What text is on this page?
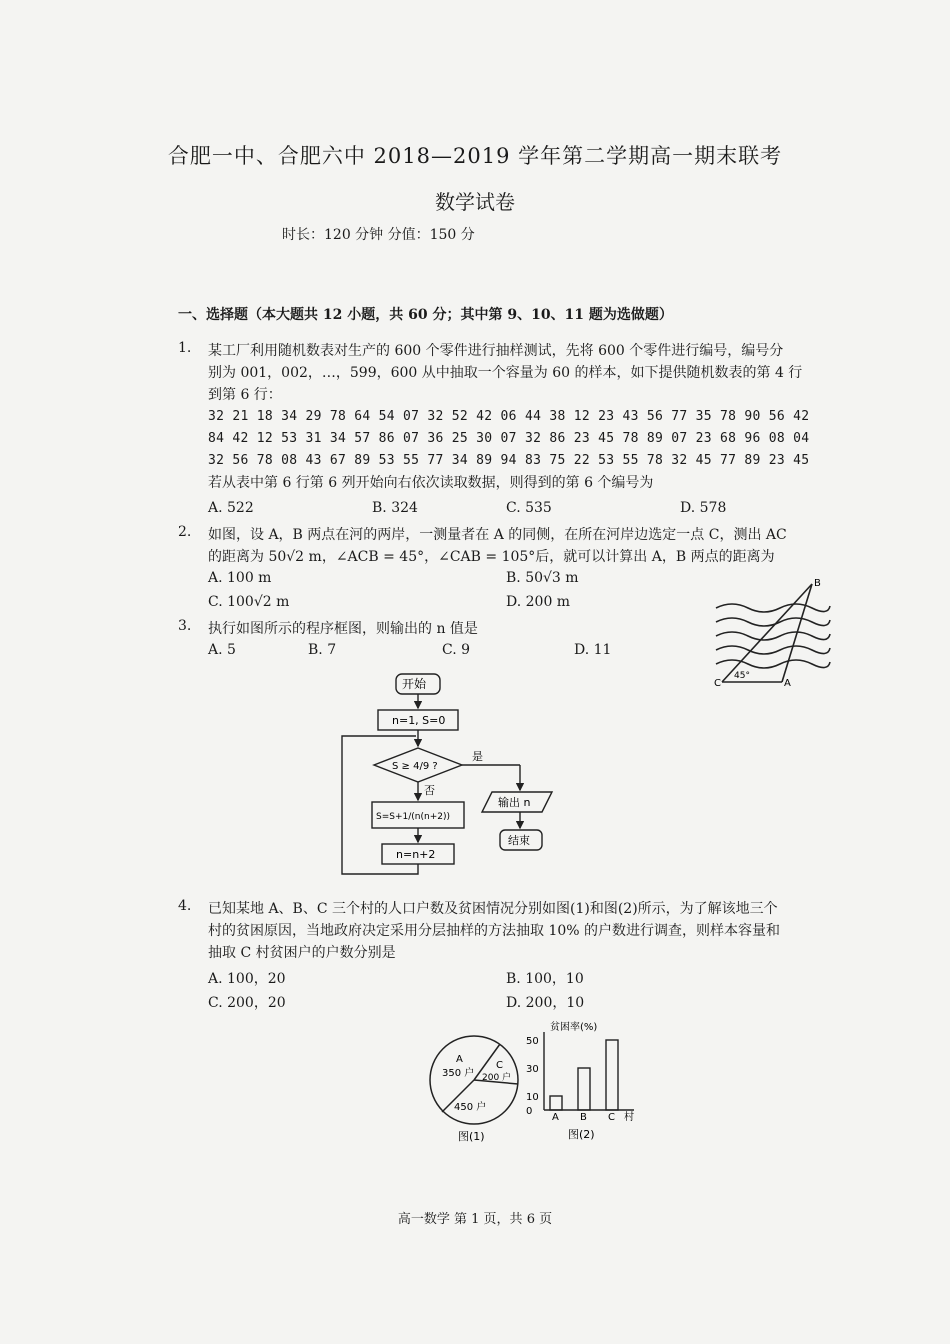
合肥一中、合肥六中 2018—2019 学年第二学期高一期末联考
数学试卷
时长：120 分钟 分值：150 分
一、选择题（本大题共 12 小题，共 60 分；其中第 9、10、11 题为选做题）
1. 某工厂利用随机数表对生产的 600 个零件进行抽样测试，先将 600 个零件进行编号，编号分
别为 001，002，…，599，600 从中抽取一个容量为 60 的样本，如下提供随机数表的第 4 行
到第 6 行：
32 21 18 34 29 78 64 54 07 32 52 42 06 44 38 12 23 43 56 77 35 78 90 56 42
84 42 12 53 31 34 57 86 07 36 25 30 07 32 86 23 45 78 89 07 23 68 96 08 04
32 56 78 08 43 67 89 53 55 77 34 89 94 83 75 22 53 55 78 32 45 77 89 23 45
若从表中第 6 行第 6 列开始向右依次读取数据，则得到的第 6 个编号为
A. 522	B. 324	C. 535	D. 578
2. 如图，设 A，B 两点在河的两岸，一测量者在 A 的同侧，在所在河岸边选定一点 C，测出 AC
的距离为 50√2 m，∠ACB = 45°，∠CAB = 105°后，就可以计算出 A，B 两点的距离为
A. 100 m	B. 50√3 m
C. 100√2 m	D. 200 m
B
C	A
45°
3. 执行如图所示的程序框图，则输出的 n 值是
A. 5	B. 7	C. 9	D. 11
开始
n=1, S=0
S ≥ 4/9 ?
是
否
S=S+1/(n(n+2))
n=n+2
输出 n
结束
4. 已知某地 A、B、C 三个村的人口户数及贫困情况分别如图(1)和图(2)所示，为了解该地三个
村的贫困原因，当地政府决定采用分层抽样的方法抽取 10% 的户数进行调查，则样本容量和
抽取 C 村贫困户的户数分别是
A. 100，20	B. 100，10
C. 200，20	D. 200，10
A
350 户
C
200 户
450 户
图(1)
0
10
30
50
A B C
贫困率(%)
村
图(2)
高一数学 第 1 页，共 6 页
